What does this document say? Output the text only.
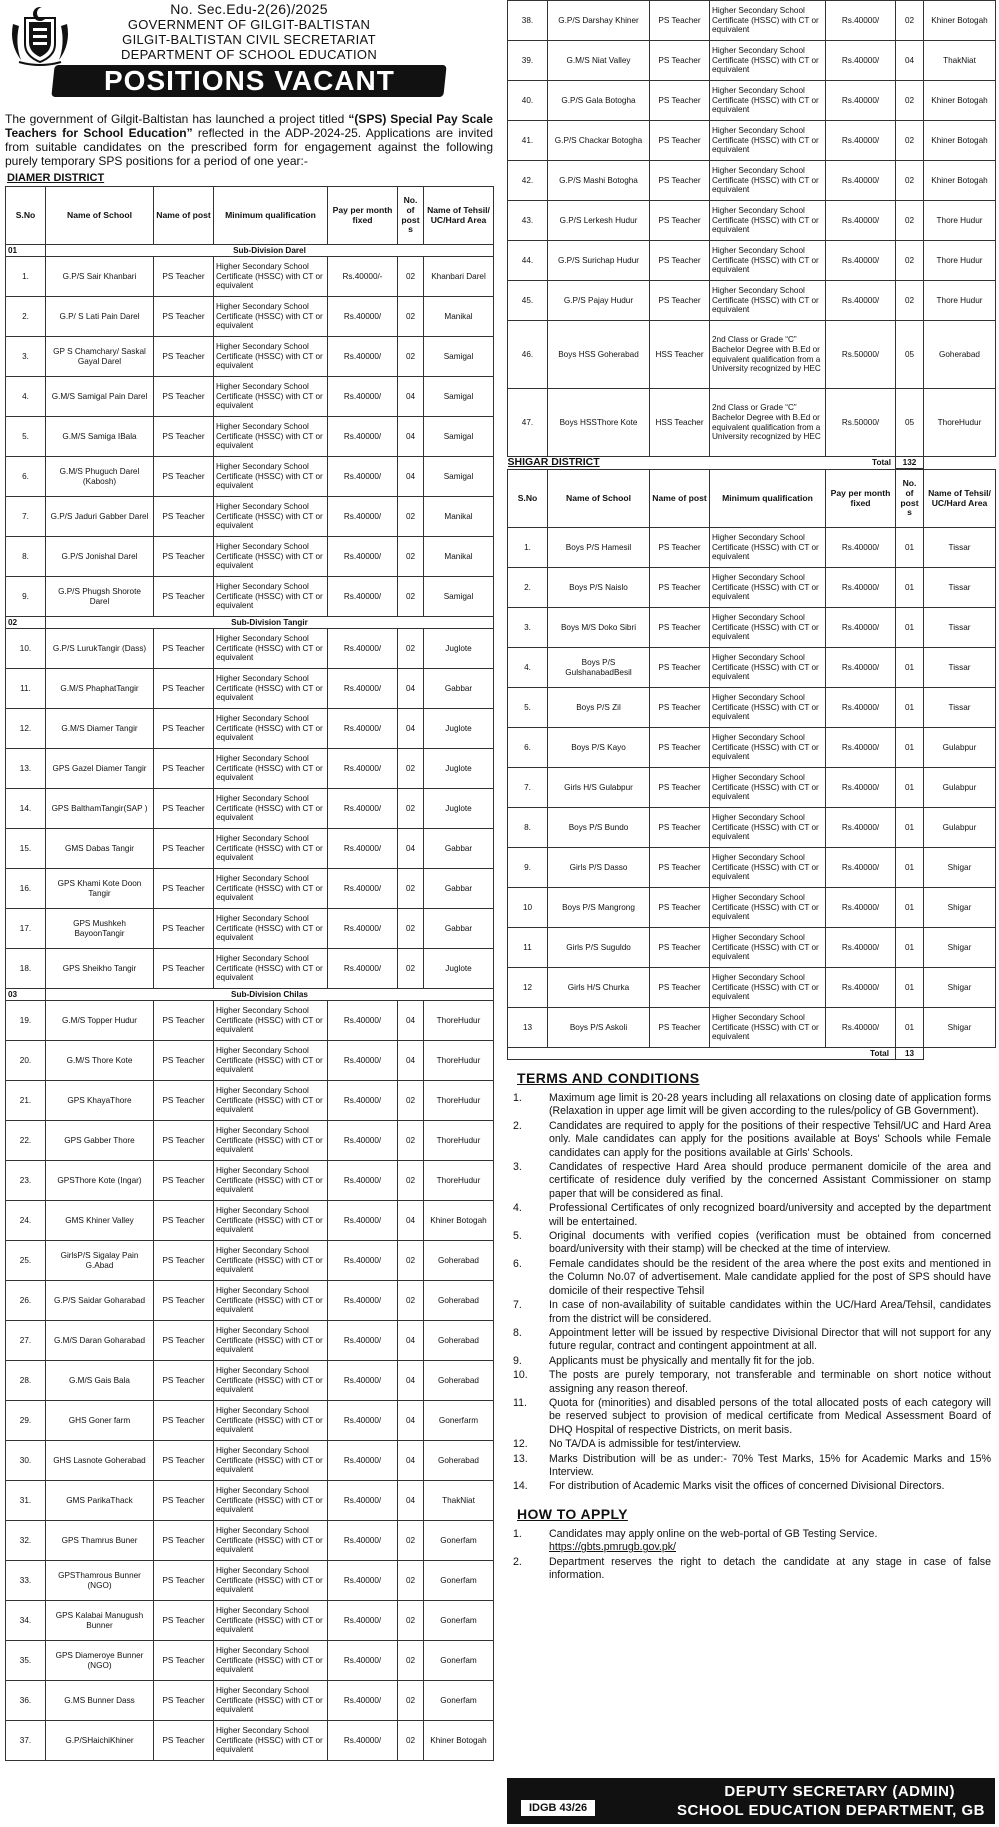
No. Sec.Edu-2(26)/2025
GOVERNMENT OF GILGIT-BALTISTAN
GILGIT-BALTISTAN CIVIL SECRETARIAT
DEPARTMENT OF SCHOOL EDUCATION
POSITIONS VACANT
The government of Gilgit-Baltistan has launched a project titled “(SPS) Special Pay Scale Teachers for School Education” reflected in the ADP-2024-25. Applications are invited from suitable candidates on the prescribed form for engagement against the following purely temporary SPS positions for a period of one year:-
DIAMER DISTRICT
S.No	Name of School	Name of post	Minimum qualification	Pay per month fixed	No. of post s	Name of Tehsil/ UC/Hard Area
01	Sub-Division Darel					
1.	G.P/S Sair Khanbari	PS Teacher	Higher Secondary School Certificate (HSSC) with CT or equivalent	Rs.40000/-	02	Khanbari Darel
2.	G.P/ S Lati Pain Darel	PS Teacher	Higher Secondary School Certificate (HSSC) with CT or equivalent	Rs.40000/	02	Manikal
3.	GP S Chamchary/ Saskal Gayal Darel	PS Teacher	Higher Secondary School Certificate (HSSC) with CT or equivalent	Rs.40000/	02	Samigal
4.	G.M/S Samigal Pain Darel	PS Teacher	Higher Secondary School Certificate (HSSC) with CT or equivalent	Rs.40000/	04	Samigal
5.	G.M/S Samiga IBala	PS Teacher	Higher Secondary School Certificate (HSSC) with CT or equivalent	Rs.40000/	04	Samigal
6.	G.M/S Phuguch Darel (Kabosh)	PS Teacher	Higher Secondary School Certificate (HSSC) with CT or equivalent	Rs.40000/	04	Samigal
7.	G.P/S Jaduri Gabber Darel	PS Teacher	Higher Secondary School Certificate (HSSC) with CT or equivalent	Rs.40000/	02	Manikal
8.	G.P/S Jonishal Darel	PS Teacher	Higher Secondary School Certificate (HSSC) with CT or equivalent	Rs.40000/	02	Manikal
9.	G.P/S Phugsh Shorote Darel	PS Teacher	Higher Secondary School Certificate (HSSC) with CT or equivalent	Rs.40000/	02	Samigal
02	Sub-Division Tangir					
10.	G.P/S LurukTangir (Dass)	PS Teacher	Higher Secondary School Certificate (HSSC) with CT or equivalent	Rs.40000/	02	Juglote
11.	G.M/S PhaphatTangir	PS Teacher	Higher Secondary School Certificate (HSSC) with CT or equivalent	Rs.40000/	04	Gabbar
12.	G.M/S Diamer Tangir	PS Teacher	Higher Secondary School Certificate (HSSC) with CT or equivalent	Rs.40000/	04	Juglote
13.	GPS Gazel Diamer Tangir	PS Teacher	Higher Secondary School Certificate (HSSC) with CT or equivalent	Rs.40000/	02	Juglote
14.	GPS BalthamTangir(SAP )	PS Teacher	Higher Secondary School Certificate (HSSC) with CT or equivalent	Rs.40000/	02	Juglote
15.	GMS Dabas Tangir	PS Teacher	Higher Secondary School Certificate (HSSC) with CT or equivalent	Rs.40000/	04	Gabbar
16.	GPS Khami Kote Doon Tangir	PS Teacher	Higher Secondary School Certificate (HSSC) with CT or equivalent	Rs.40000/	02	Gabbar
17.	GPS Mushkeh BayoonTangir	PS Teacher	Higher Secondary School Certificate (HSSC) with CT or equivalent	Rs.40000/	02	Gabbar
18.	GPS Sheikho Tangir	PS Teacher	Higher Secondary School Certificate (HSSC) with CT or equivalent	Rs.40000/	02	Juglote
03	Sub-Division Chilas					
19.	G.M/S Topper Hudur	PS Teacher	Higher Secondary School Certificate (HSSC) with CT or equivalent	Rs.40000/	04	ThoreHudur
20.	G.M/S Thore Kote	PS Teacher	Higher Secondary School Certificate (HSSC) with CT or equivalent	Rs.40000/	04	ThoreHudur
21.	GPS KhayaThore	PS Teacher	Higher Secondary School Certificate (HSSC) with CT or equivalent	Rs.40000/	02	ThoreHudur
22.	GPS Gabber Thore	PS Teacher	Higher Secondary School Certificate (HSSC) with CT or equivalent	Rs.40000/	02	ThoreHudur
23.	GPSThore Kote (Ingar)	PS Teacher	Higher Secondary School Certificate (HSSC) with CT or equivalent	Rs.40000/	02	ThoreHudur
24.	GMS Khiner Valley	PS Teacher	Higher Secondary School Certificate (HSSC) with CT or equivalent	Rs.40000/	04	Khiner Botogah
25.	GirlsP/S Sigalay Pain G.Abad	PS Teacher	Higher Secondary School Certificate (HSSC) with CT or equivalent	Rs.40000/	02	Goherabad
26.	G.P/S Saidar Goharabad	PS Teacher	Higher Secondary School Certificate (HSSC) with CT or equivalent	Rs.40000/	02	Goherabad
27.	G.M/S Daran Goharabad	PS Teacher	Higher Secondary School Certificate (HSSC) with CT or equivalent	Rs.40000/	04	Goherabad
28.	G.M/S Gais Bala	PS Teacher	Higher Secondary School Certificate (HSSC) with CT or equivalent	Rs.40000/	04	Goherabad
29.	GHS Goner farm	PS Teacher	Higher Secondary School Certificate (HSSC) with CT or equivalent	Rs.40000/	04	Gonerfarm
30.	GHS Lasnote Goherabad	PS Teacher	Higher Secondary School Certificate (HSSC) with CT or equivalent	Rs.40000/	04	Goherabad
31.	GMS ParikaThack	PS Teacher	Higher Secondary School Certificate (HSSC) with CT or equivalent	Rs.40000/	04	ThakNiat
32.	GPS Thamrus Buner	PS Teacher	Higher Secondary School Certificate (HSSC) with CT or equivalent	Rs.40000/	02	Gonerfam
33.	GPSThamrous Bunner (NGO)	PS Teacher	Higher Secondary School Certificate (HSSC) with CT or equivalent	Rs.40000/	02	Gonerfam
34.	GPS Kalabai Manugush Bunner	PS Teacher	Higher Secondary School Certificate (HSSC) with CT or equivalent	Rs.40000/	02	Gonerfam
35.	GPS Diameroye Bunner (NGO)	PS Teacher	Higher Secondary School Certificate (HSSC) with CT or equivalent	Rs.40000/	02	Gonerfam
36.	G.MS Bunner Dass	PS Teacher	Higher Secondary School Certificate (HSSC) with CT or equivalent	Rs.40000/	02	Gonerfam
37.	G.P/SHaichiKhiner	PS Teacher	Higher Secondary School Certificate (HSSC) with CT or equivalent	Rs.40000/	02	Khiner Botogah
38.	G.P/S Darshay Khiner	PS Teacher	Higher Secondary School Certificate (HSSC) with CT or equivalent	Rs.40000/	02	Khiner Botogah
39.	G.M/S Niat Valley	PS Teacher	Higher Secondary School Certificate (HSSC) with CT or equivalent	Rs.40000/	04	ThakNiat
40.	G.P/S Gala Botogha	PS Teacher	Higher Secondary School Certificate (HSSC) with CT or equivalent	Rs.40000/	02	Khiner Botogah
41.	G.P/S Chackar Botogha	PS Teacher	Higher Secondary School Certificate (HSSC) with CT or equivalent	Rs.40000/	02	Khiner Botogah
42.	G.P/S Mashi Botogha	PS Teacher	Higher Secondary School Certificate (HSSC) with CT or equivalent	Rs.40000/	02	Khiner Botogah
43.	G.P/S Lerkesh Hudur	PS Teacher	Higher Secondary School Certificate (HSSC) with CT or equivalent	Rs.40000/	02	Thore Hudur
44.	G.P/S Surichap Hudur	PS Teacher	Higher Secondary School Certificate (HSSC) with CT or equivalent	Rs.40000/	02	Thore Hudur
45.	G.P/S Pajay Hudur	PS Teacher	Higher Secondary School Certificate (HSSC) with CT or equivalent	Rs.40000/	02	Thore Hudur
46.	Boys HSS Goherabad	HSS Teacher	2nd Class or Grade “C” Bachelor Degree with B.Ed or equivalent qualification from a University recognized by HEC	Rs.50000/	05	Goherabad
47.	Boys HSSThore Kote	HSS Teacher	2nd Class or Grade “C” Bachelor Degree with B.Ed or equivalent qualification from a University recognized by HEC	Rs.50000/	05	ThoreHudur

SHIGAR DISTRICT Total					132	
S.No	Name of School	Name of post	Minimum qualification	Pay per month fixed	No. of post s	Name of Tehsil/ UC/Hard Area
1.	Boys P/S Hamesil	PS Teacher	Higher Secondary School Certificate (HSSC) with CT or equivalent	Rs.40000/	01	Tissar
2.	Boys P/S Naislo	PS Teacher	Higher Secondary School Certificate (HSSC) with CT or equivalent	Rs.40000/	01	Tissar
3.	Boys M/S Doko Sibri	PS Teacher	Higher Secondary School Certificate (HSSC) with CT or equivalent	Rs.40000/	01	Tissar
4.	Boys P/S GulshanabadBesil	PS Teacher	Higher Secondary School Certificate (HSSC) with CT or equivalent	Rs.40000/	01	Tissar
5.	Boys P/S Zil	PS Teacher	Higher Secondary School Certificate (HSSC) with CT or equivalent	Rs.40000/	01	Tissar
6.	Boys P/S Kayo	PS Teacher	Higher Secondary School Certificate (HSSC) with CT or equivalent	Rs.40000/	01	Gulabpur
7.	Girls H/S Gulabpur	PS Teacher	Higher Secondary School Certificate (HSSC) with CT or equivalent	Rs.40000/	01	Gulabpur
8.	Boys P/S Bundo	PS Teacher	Higher Secondary School Certificate (HSSC) with CT or equivalent	Rs.40000/	01	Gulabpur
9.	Girls P/S Dasso	PS Teacher	Higher Secondary School Certificate (HSSC) with CT or equivalent	Rs.40000/	01	Shigar
10	Boys P/S Mangrong	PS Teacher	Higher Secondary School Certificate (HSSC) with CT or equivalent	Rs.40000/	01	Shigar
11	Girls P/S Suguldo	PS Teacher	Higher Secondary School Certificate (HSSC) with CT or equivalent	Rs.40000/	01	Shigar
12	Girls H/S Churka	PS Teacher	Higher Secondary School Certificate (HSSC) with CT or equivalent	Rs.40000/	01	Shigar
13	Boys P/S Askoli	PS Teacher	Higher Secondary School Certificate (HSSC) with CT or equivalent	Rs.40000/	01	Shigar
Total					13	
TERMS AND CONDITIONS
1.	Maximum age limit is 20-28 years including all relaxations on closing date of application forms (Relaxation in upper age limit will be given according to the rules/policy of GB Government).
2.	Candidates are required to apply for the positions of their respective Tehsil/UC and Hard Area only. Male candidates can apply for the positions available at Boys' Schools while Female candidates can apply for the positions available at Girls' Schools.
3.	Candidates of respective Hard Area should produce permanent domicile of the area and certificate of residence duly verified by the concerned Assistant Commissioner on stamp paper that will be considered as final.
4.	Professional Certificates of only recognized board/university and accepted by the department will be entertained.
5.	Original documents with verified copies (verification must be obtained from concerned board/university with their stamp) will be checked at the time of interview.
6.	Female candidates should be the resident of the area where the post exits and mentioned in the Column No.07 of advertisement. Male candidate applied for the post of SPS should have domicile of their respective Tehsil
7.	In case of non-availability of suitable candidates within the UC/Hard Area/Tehsil, candidates from the district will be considered.
8.	Appointment letter will be issued by respective Divisional Director that will not support for any future regular, contract and contingent appointment at all.
9.	Applicants must be physically and mentally fit for the job.
10.	The posts are purely temporary, not transferable and terminable on short notice without assigning any reason thereof.
11.	Quota for (minorities) and disabled persons of the total allocated posts of each category will be reserved subject to provision of medical certificate from Medical Assessment Board of DHQ Hospital of respective Districts, on merit basis.
12.	No TA/DA is admissible for test/interview.
13.	Marks Distribution will be as under:- 70% Test Marks, 15% for Academic Marks and 15% Interview.
14.	For distribution of Academic Marks visit the offices of concerned Divisional Directors.
HOW TO APPLY
1.	Candidates may apply online on the web-portal of GB Testing Service.
https://gbts.pmrugb.gov.pk/
2.	Department reserves the right to detach the candidate at any stage in case of false information.
IDGB 43/26
DEPUTY SECRETARY (ADMIN)
SCHOOL EDUCATION DEPARTMENT, GB
